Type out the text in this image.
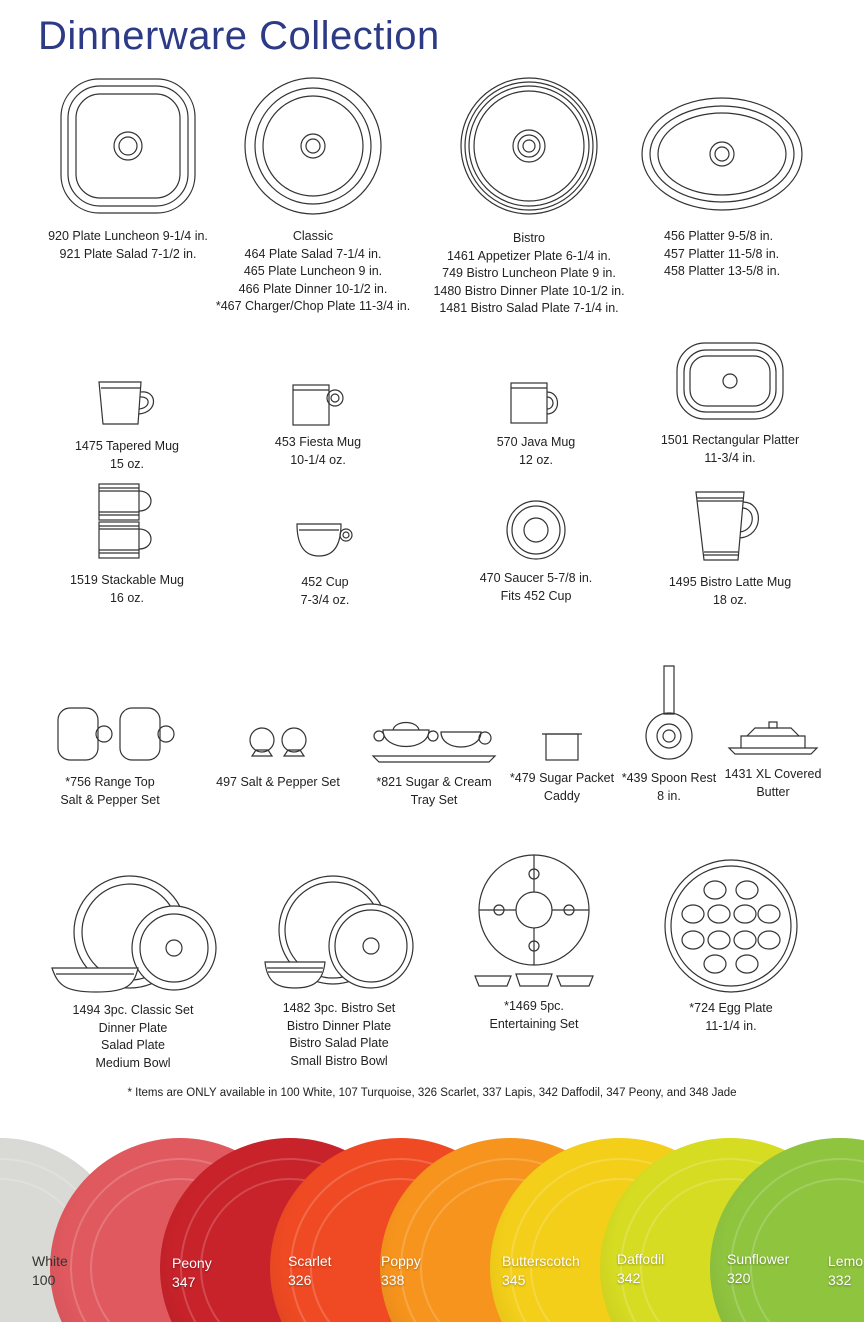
Dinnerware Collection
920 Plate Luncheon 9-1/4 in.
921 Plate Salad 7-1/2 in.
Classic
464 Plate Salad 7-1/4 in.
465 Plate Luncheon 9 in.
466 Plate Dinner 10-1/2 in.
*467 Charger/Chop Plate 11-3/4 in.
Bistro
1461 Appetizer Plate 6-1/4 in.
749 Bistro Luncheon Plate 9 in.
1480 Bistro Dinner Plate 10-1/2 in.
1481 Bistro Salad Plate 7-1/4 in.
456 Platter 9-5/8 in.
457 Platter 11-5/8 in.
458 Platter 13-5/8 in.
1475 Tapered Mug
15 oz.
453 Fiesta Mug
10-1/4 oz.
570 Java Mug
12 oz.
1501 Rectangular Platter
11-3/4 in.
1519 Stackable Mug
16 oz.
452 Cup
7-3/4 oz.
470 Saucer 5-7/8 in.
Fits 452 Cup
1495 Bistro Latte Mug
18 oz.
*756 Range Top
Salt & Pepper Set
497 Salt & Pepper Set	*821 Sugar & Cream
Tray Set
*479 Sugar Packet
Caddy
*439 Spoon Rest
8 in.
1431 XL Covered
Butter
1494 3pc. Classic Set
Dinner Plate
Salad Plate
Medium Bowl
1482 3pc. Bistro Set
Bistro Dinner Plate
Bistro Salad Plate
Small Bistro Bowl
*1469 5pc.
Entertaining Set
*724 Egg Plate
11-1/4 in.
* Items are ONLY available in 100 White, 107 Turquoise, 326 Scarlet, 337 Lapis, 342 Daffodil, 347 Peony, and 348 Jade
White
100
Peony
347
Scarlet
326
Poppy
338
Butterscotch
345
Daffodil
342
Sunflower
320
Lemo
332
